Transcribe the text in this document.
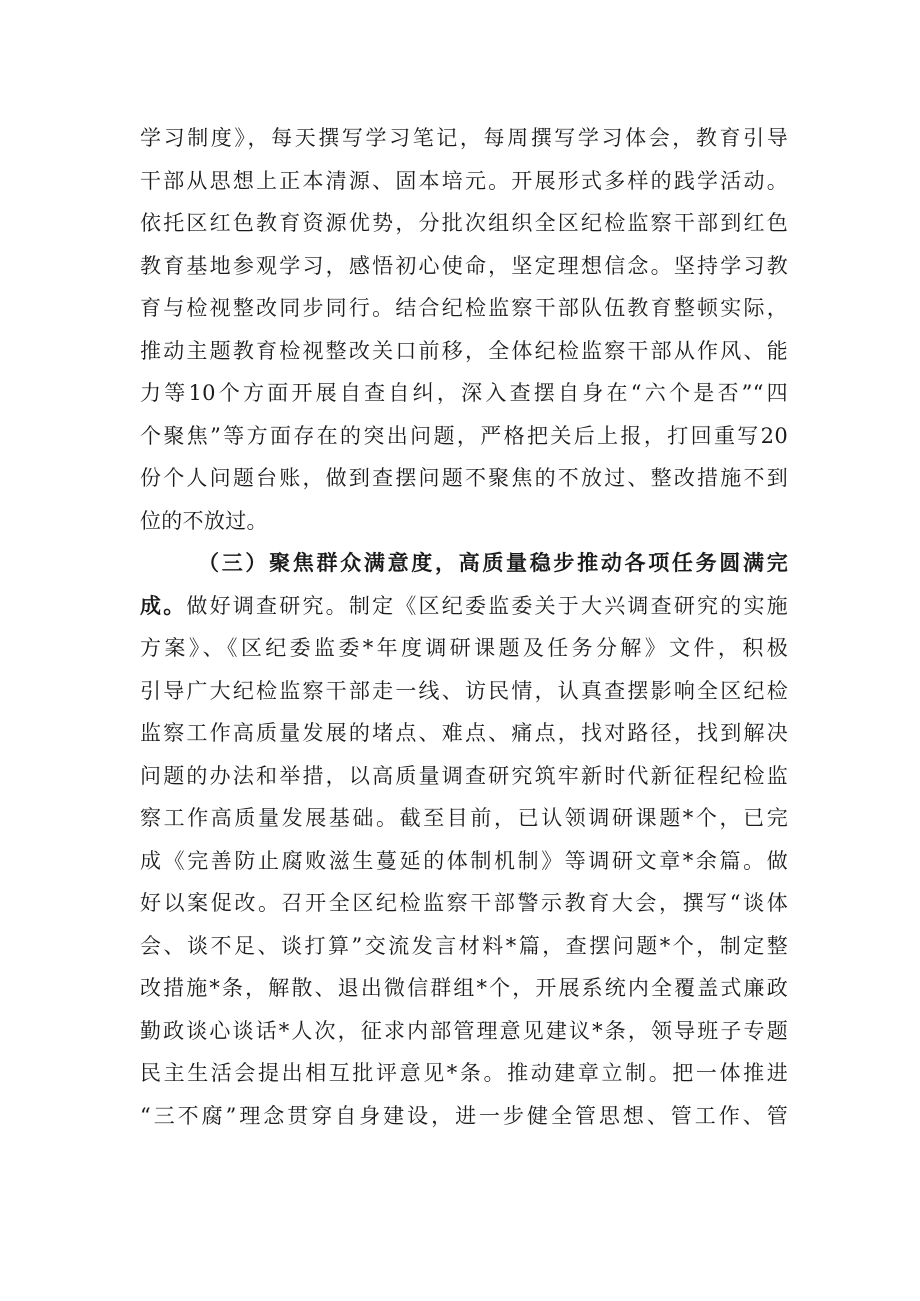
学习制度》，每天撰写学习笔记，每周撰写学习体会，教育引导
干部从思想上正本清源、固本培元。开展形式多样的践学活动。
依托区红色教育资源优势，分批次组织全区纪检监察干部到红色
教育基地参观学习，感悟初心使命，坚定理想信念。坚持学习教
育与检视整改同步同行。结合纪检监察干部队伍教育整顿实际，
推动主题教育检视整改关口前移，全体纪检监察干部从作风、能
力等10个方面开展自查自纠，深入查摆自身在“六个是否”“四
个聚焦”等方面存在的突出问题，严格把关后上报，打回重写20
份个人问题台账，做到查摆问题不聚焦的不放过、整改措施不到
位的不放过。
（三）聚焦群众满意度，高质量稳步推动各项任务圆满完
成。做好调查研究。制定《区纪委监委关于大兴调查研究的实施
方案》、《区纪委监委*年度调研课题及任务分解》文件，积极
引导广大纪检监察干部走一线、访民情，认真查摆影响全区纪检
监察工作高质量发展的堵点、难点、痛点，找对路径，找到解决
问题的办法和举措，以高质量调查研究筑牢新时代新征程纪检监
察工作高质量发展基础。截至目前，已认领调研课题*个，已完
成《完善防止腐败滋生蔓延的体制机制》等调研文章*余篇。做
好以案促改。召开全区纪检监察干部警示教育大会，撰写“谈体
会、谈不足、谈打算”交流发言材料*篇，查摆问题*个，制定整
改措施*条，解散、退出微信群组*个，开展系统内全覆盖式廉政
勤政谈心谈话*人次，征求内部管理意见建议*条，领导班子专题
民主生活会提出相互批评意见*条。推动建章立制。把一体推进
“三不腐”理念贯穿自身建设，进一步健全管思想、管工作、管
